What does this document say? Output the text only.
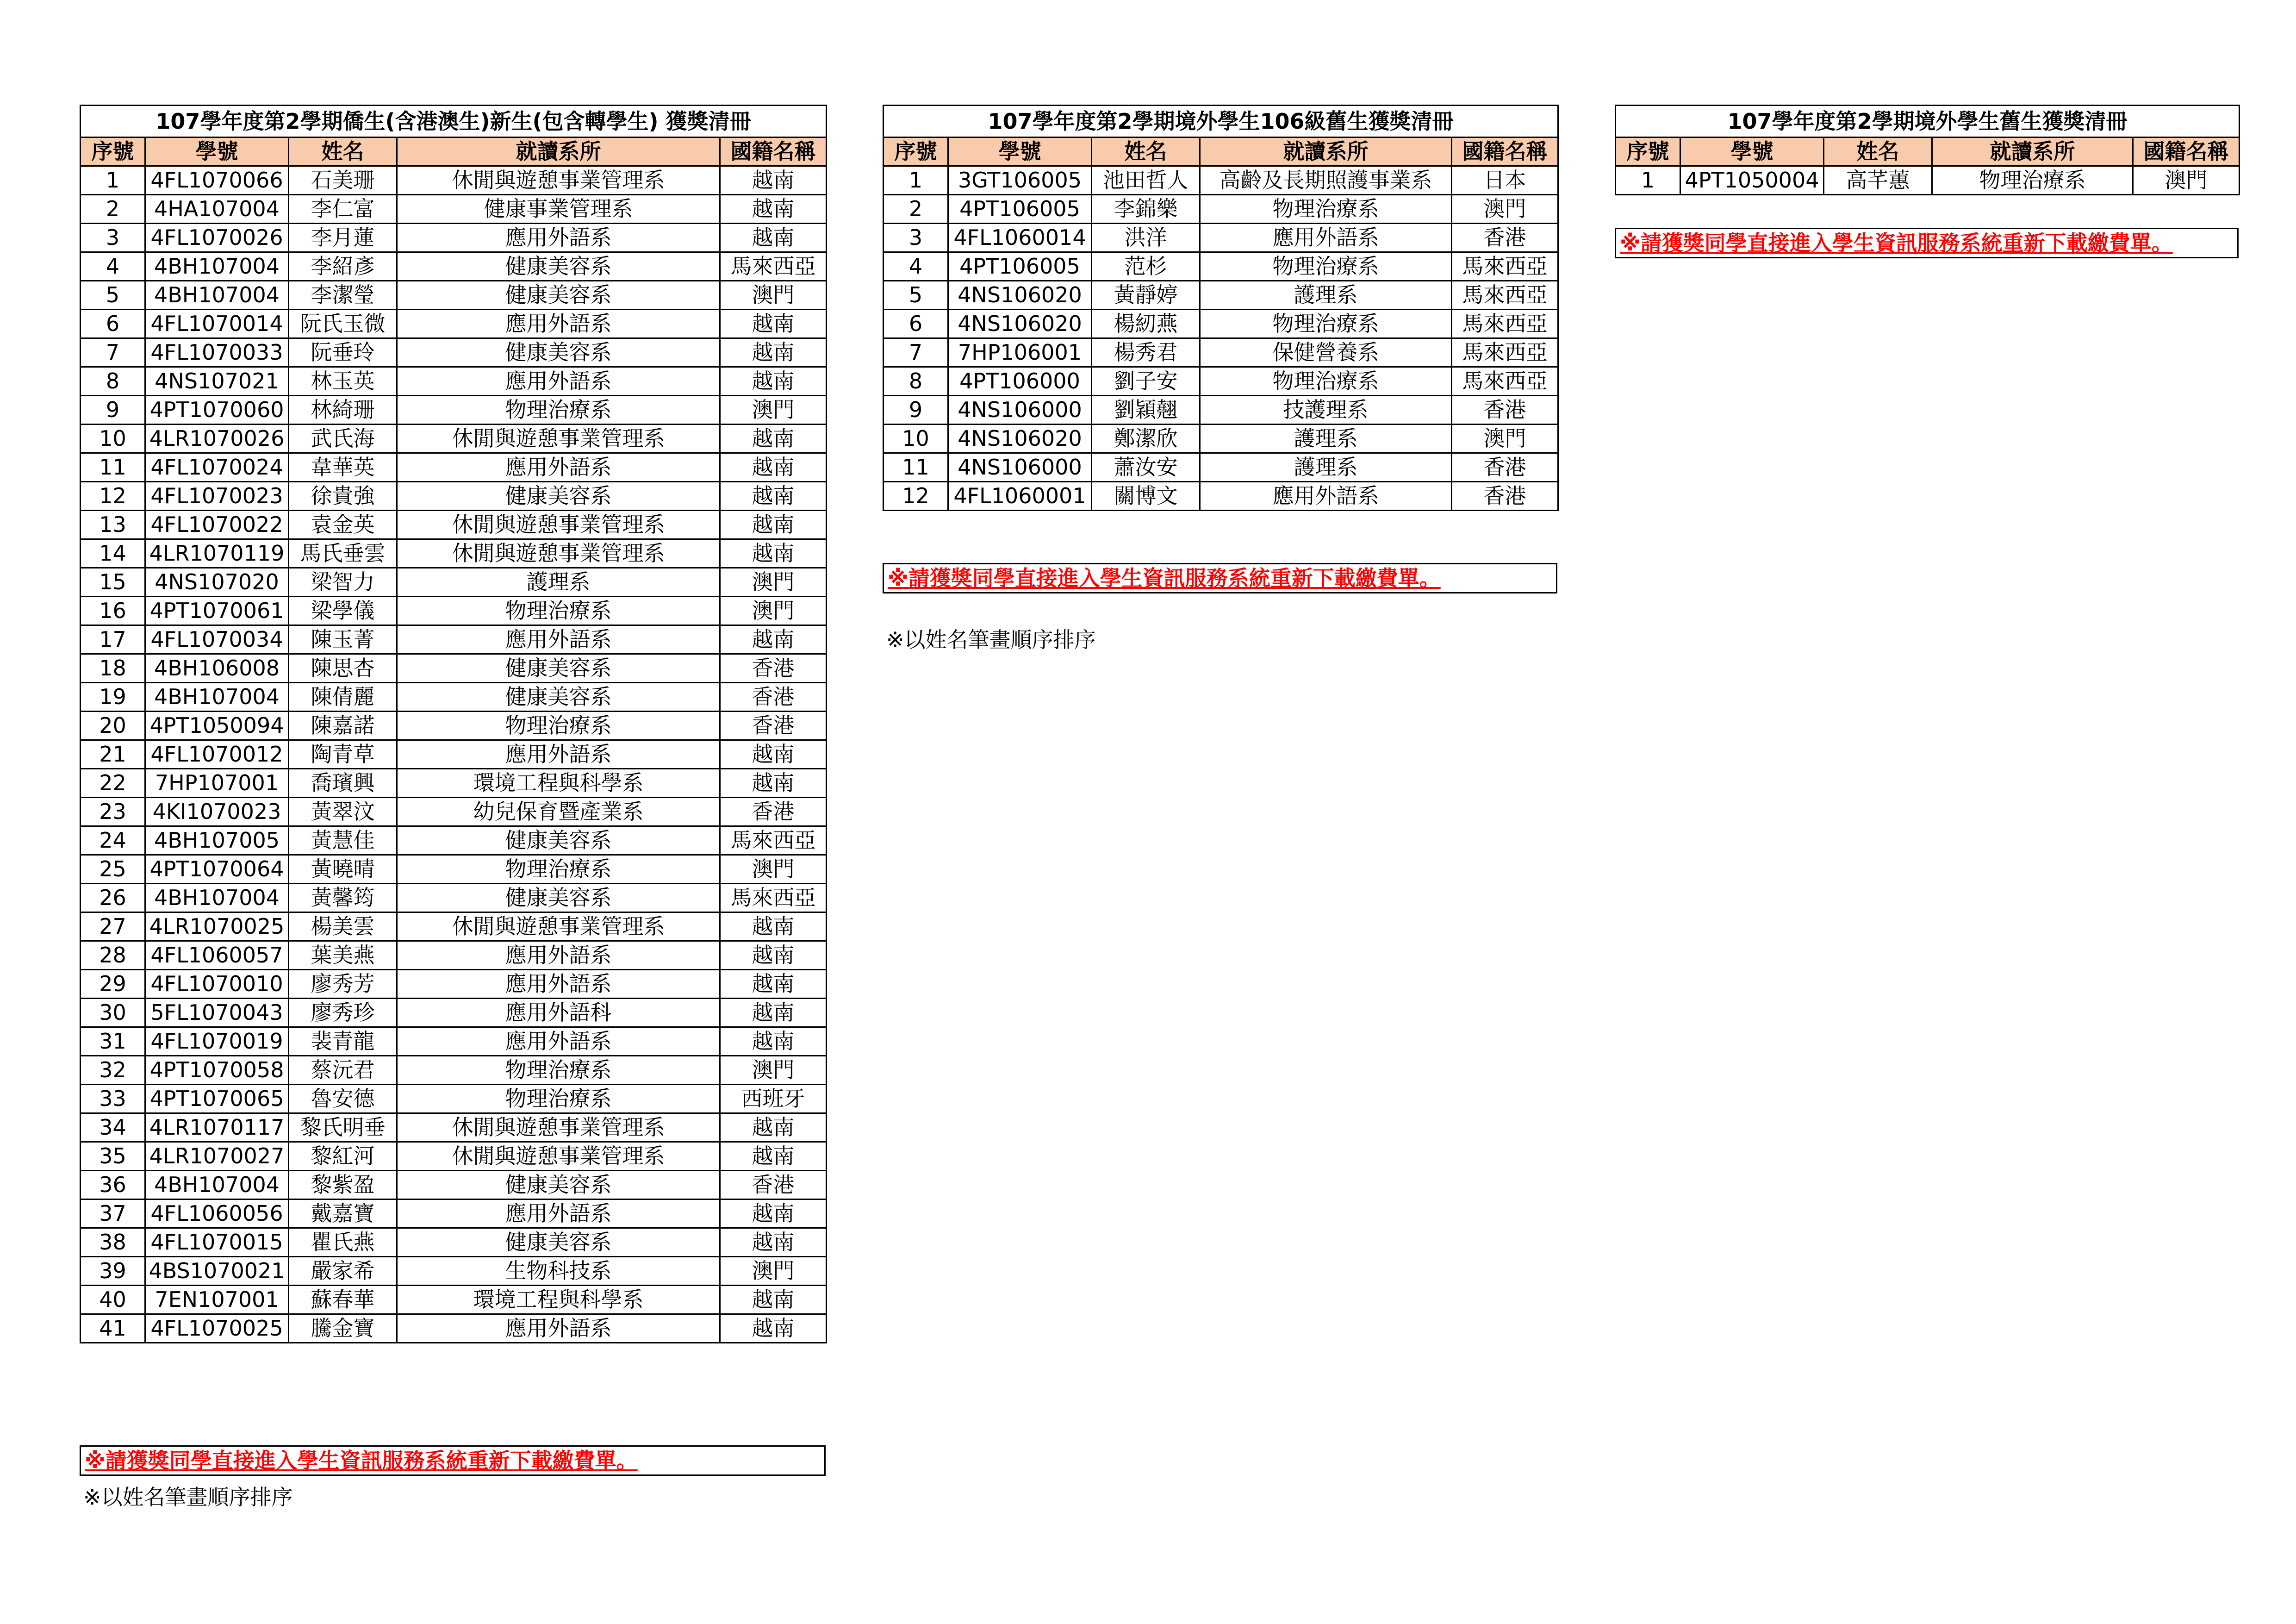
107學年度第2學期僑生(含港澳生)新生(包含轉學生) 獲獎清冊				
序號	學號	姓名	就讀系所	國籍名稱
1	4FL1070066	石美珊	休閒與遊憩事業管理系	越南
2	4HA107004	李仁富	健康事業管理系	越南
3	4FL1070026	李月蓮	應用外語系	越南
4	4BH107004	李紹彥	健康美容系	馬來西亞
5	4BH107004	李潔瑩	健康美容系	澳門
6	4FL1070014	阮氏玉微	應用外語系	越南
7	4FL1070033	阮垂玲	健康美容系	越南
8	4NS107021	林玉英	應用外語系	越南
9	4PT1070060	林綺珊	物理治療系	澳門
10	4LR1070026	武氏海	休閒與遊憩事業管理系	越南
11	4FL1070024	韋華英	應用外語系	越南
12	4FL1070023	徐貴強	健康美容系	越南
13	4FL1070022	袁金英	休閒與遊憩事業管理系	越南
14	4LR1070119	馬氏垂雲	休閒與遊憩事業管理系	越南
15	4NS107020	梁智力	護理系	澳門
16	4PT1070061	梁學儀	物理治療系	澳門
17	4FL1070034	陳玉菁	應用外語系	越南
18	4BH106008	陳思杏	健康美容系	香港
19	4BH107004	陳倩麗	健康美容系	香港
20	4PT1050094	陳嘉諾	物理治療系	香港
21	4FL1070012	陶青草	應用外語系	越南
22	7HP107001	喬璸興	環境工程與科學系	越南
23	4KI1070023	黃翠汶	幼兒保育暨產業系	香港
24	4BH107005	黃慧佳	健康美容系	馬來西亞
25	4PT1070064	黃曉晴	物理治療系	澳門
26	4BH107004	黃馨筠	健康美容系	馬來西亞
27	4LR1070025	楊美雲	休閒與遊憩事業管理系	越南
28	4FL1060057	葉美燕	應用外語系	越南
29	4FL1070010	廖秀芳	應用外語系	越南
30	5FL1070043	廖秀珍	應用外語科	越南
31	4FL1070019	裴青龍	應用外語系	越南
32	4PT1070058	蔡沅君	物理治療系	澳門
33	4PT1070065	魯安德	物理治療系	西班牙
34	4LR1070117	黎氏明垂	休閒與遊憩事業管理系	越南
35	4LR1070027	黎紅河	休閒與遊憩事業管理系	越南
36	4BH107004	黎紫盈	健康美容系	香港
37	4FL1060056	戴嘉寶	應用外語系	越南
38	4FL1070015	瞿氏燕	健康美容系	越南
39	4BS1070021	嚴家希	生物科技系	澳門
40	7EN107001	蘇春華	環境工程與科學系	越南
41	4FL1070025	騰金寶	應用外語系	越南
※請獲獎同學直接進入學生資訊服務系統重新下載繳費單。
※以姓名筆畫順序排序
107學年度第2學期境外學生106級舊生獲獎清冊				
序號	學號	姓名	就讀系所	國籍名稱
1	3GT106005	池田哲人	高齡及長期照護事業系	日本
2	4PT106005	李錦樂	物理治療系	澳門
3	4FL1060014	洪洋	應用外語系	香港
4	4PT106005	范杉	物理治療系	馬來西亞
5	4NS106020	黃靜婷	護理系	馬來西亞
6	4NS106020	楊紉燕	物理治療系	馬來西亞
7	7HP106001	楊秀君	保健營養系	馬來西亞
8	4PT106000	劉子安	物理治療系	馬來西亞
9	4NS106000	劉穎翹	技護理系	香港
10	4NS106020	鄭潔欣	護理系	澳門
11	4NS106000	蕭汝安	護理系	香港
12	4FL1060001	關博文	應用外語系	香港
※請獲獎同學直接進入學生資訊服務系統重新下載繳費單。
※以姓名筆畫順序排序
107學年度第2學期境外學生舊生獲獎清冊				
序號	學號	姓名	就讀系所	國籍名稱
1	4PT1050004	高芊蕙	物理治療系	澳門
※請獲獎同學直接進入學生資訊服務系統重新下載繳費單。
